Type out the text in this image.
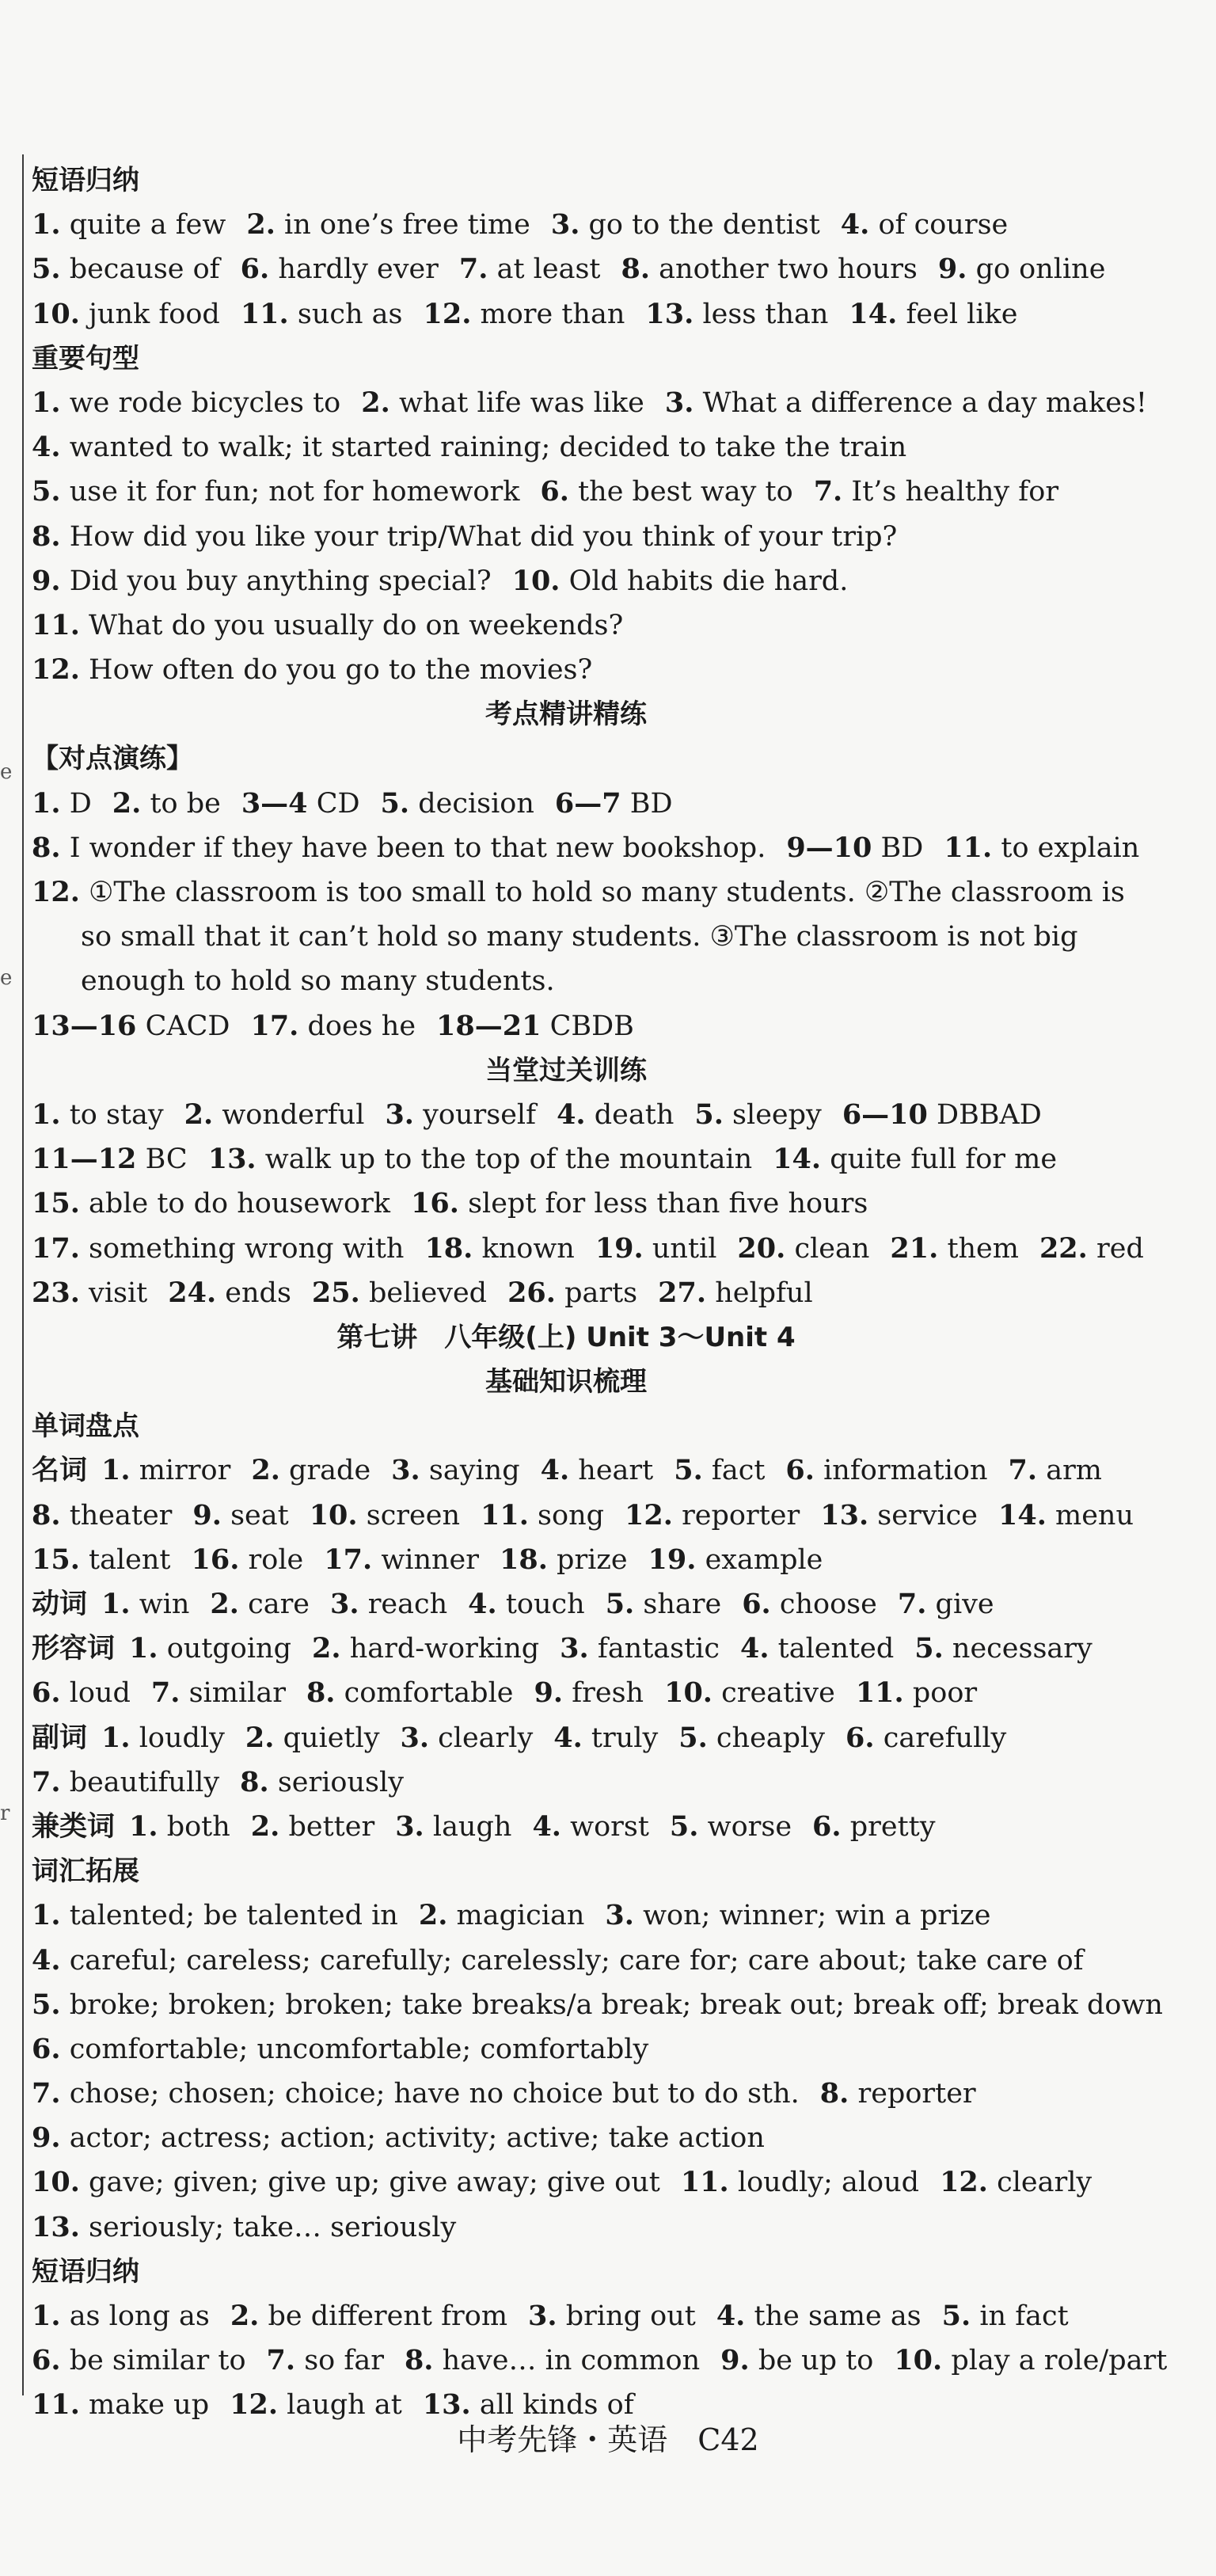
e
e
r
短语归纳
1. quite a few 2. in one’s free time 3. go to the dentist 4. of course
5. because of 6. hardly ever 7. at least 8. another two hours 9. go online
10. junk food 11. such as 12. more than 13. less than 14. feel like
重要句型
1. we rode bicycles to 2. what life was like 3. What a difference a day makes!
4. wanted to walk; it started raining; decided to take the train
5. use it for fun; not for homework 6. the best way to 7. It’s healthy for
8. How did you like your trip/What did you think of your trip?
9. Did you buy anything special? 10. Old habits die hard.
11. What do you usually do on weekends?
12. How often do you go to the movies?
考点精讲精练
【对点演练】
1. D 2. to be 3—4 CD 5. decision 6—7 BD
8. I wonder if they have been to that new bookshop. 9—10 BD 11. to explain
12. ①The classroom is too small to hold so many students. ②The classroom is
so small that it can’t hold so many students. ③The classroom is not big
enough to hold so many students.
13—16 CACD 17. does he 18—21 CBDB
当堂过关训练
1. to stay 2. wonderful 3. yourself 4. death 5. sleepy 6—10 DBBAD
11—12 BC 13. walk up to the top of the mountain 14. quite full for me
15. able to do housework 16. slept for less than five hours
17. something wrong with 18. known 19. until 20. clean 21. them 22. red
23. visit 24. ends 25. believed 26. parts 27. helpful
第七讲　八年级(上) Unit 3～Unit 4
基础知识梳理
单词盘点
名词 1. mirror 2. grade 3. saying 4. heart 5. fact 6. information 7. arm
8. theater 9. seat 10. screen 11. song 12. reporter 13. service 14. menu
15. talent 16. role 17. winner 18. prize 19. example
动词 1. win 2. care 3. reach 4. touch 5. share 6. choose 7. give
形容词 1. outgoing 2. hard-working 3. fantastic 4. talented 5. necessary
6. loud 7. similar 8. comfortable 9. fresh 10. creative 11. poor
副词 1. loudly 2. quietly 3. clearly 4. truly 5. cheaply 6. carefully
7. beautifully 8. seriously
兼类词 1. both 2. better 3. laugh 4. worst 5. worse 6. pretty
词汇拓展
1. talented; be talented in 2. magician 3. won; winner; win a prize
4. careful; careless; carefully; carelessly; care for; care about; take care of
5. broke; broken; broken; take breaks/a break; break out; break off; break down
6. comfortable; uncomfortable; comfortably
7. chose; chosen; choice; have no choice but to do sth. 8. reporter
9. actor; actress; action; activity; active; take action
10. gave; given; give up; give away; give out 11. loudly; aloud 12. clearly
13. seriously; take… seriously
短语归纳
1. as long as 2. be different from 3. bring out 4. the same as 5. in fact
6. be similar to 7. so far 8. have… in common 9. be up to 10. play a role/part
11. make up 12. laugh at 13. all kinds of
中考先锋・英语　C42
